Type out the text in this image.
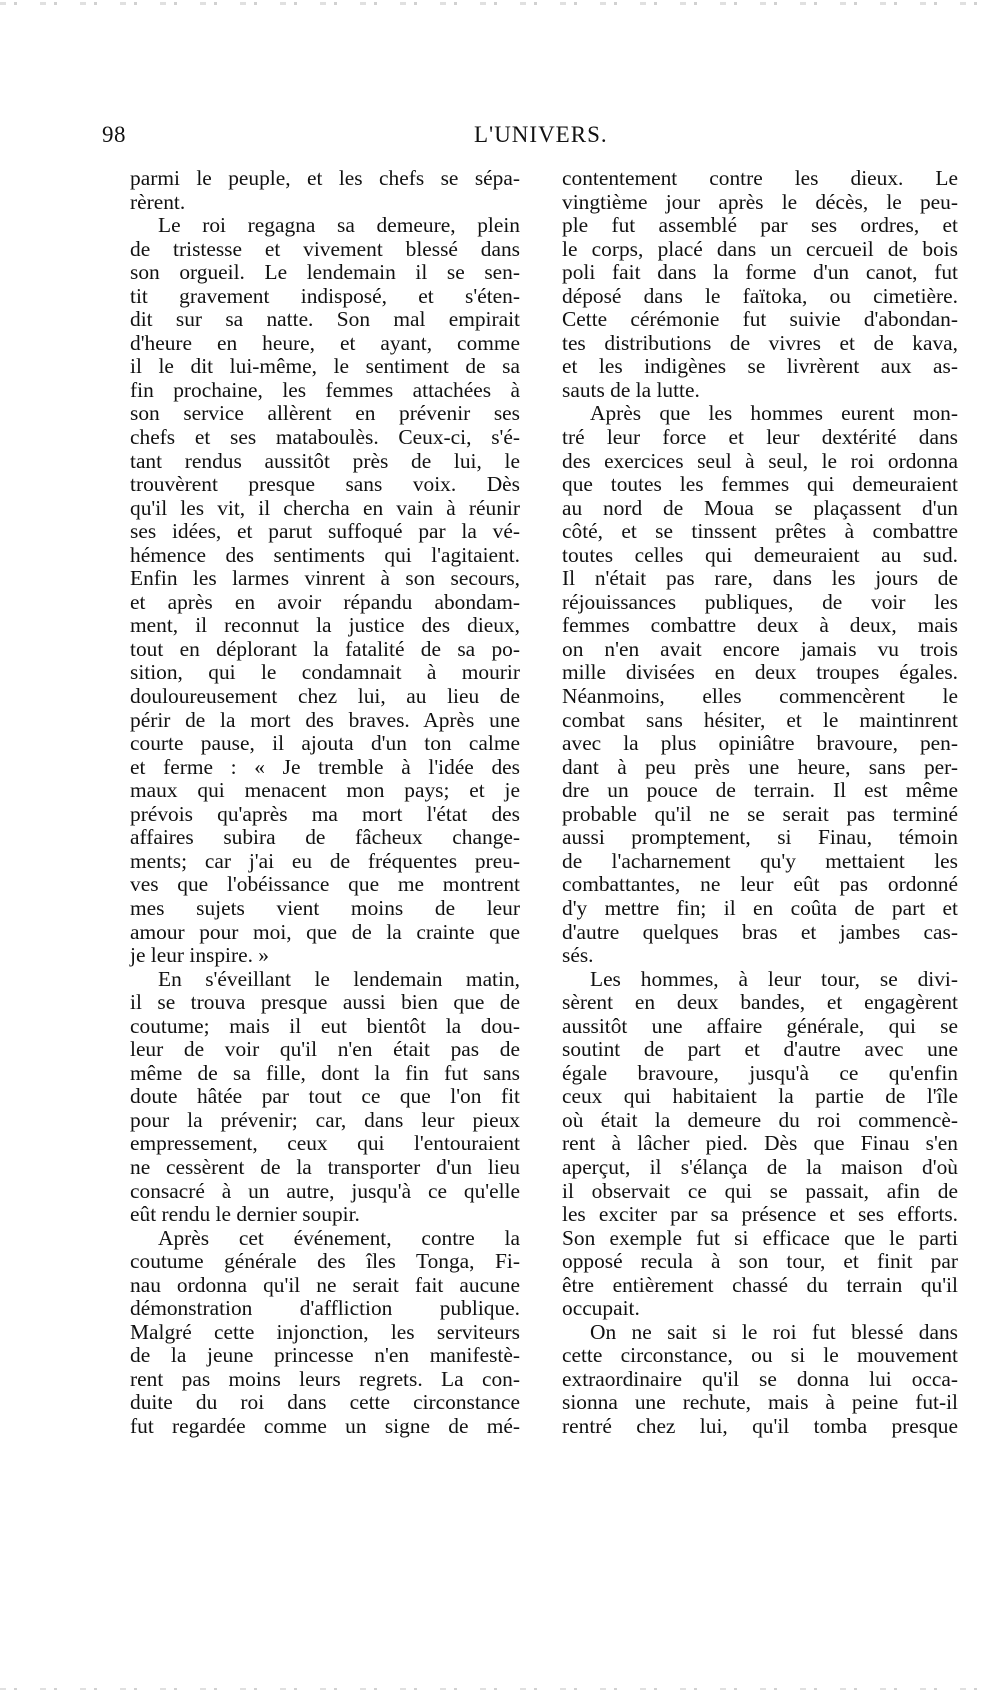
98	L'UNIVERS.
parmi le peuple, et les chefs se sépa-
rèrent.
Le roi regagna sa demeure, plein
de tristesse et vivement blessé dans
son orgueil. Le lendemain il se sen-
tit gravement indisposé, et s'éten-
dit sur sa natte. Son mal empirait
d'heure en heure, et ayant, comme
il le dit lui-même, le sentiment de sa
fin prochaine, les femmes attachées à
son service allèrent en prévenir ses
chefs et ses mataboulès. Ceux-ci, s'é-
tant rendus aussitôt près de lui, le
trouvèrent presque sans voix. Dès
qu'il les vit, il chercha en vain à réunir
ses idées, et parut suffoqué par la vé-
hémence des sentiments qui l'agitaient.
Enfin les larmes vinrent à son secours,
et après en avoir répandu abondam-
ment, il reconnut la justice des dieux,
tout en déplorant la fatalité de sa po-
sition, qui le condamnait à mourir
douloureusement chez lui, au lieu de
périr de la mort des braves. Après une
courte pause, il ajouta d'un ton calme
et ferme : « Je tremble à l'idée des
maux qui menacent mon pays; et je
prévois qu'après ma mort l'état des
affaires subira de fâcheux change-
ments; car j'ai eu de fréquentes preu-
ves que l'obéissance que me montrent
mes sujets vient moins de leur
amour pour moi, que de la crainte que
je leur inspire. »
En s'éveillant le lendemain matin,
il se trouva presque aussi bien que de
coutume; mais il eut bientôt la dou-
leur de voir qu'il n'en était pas de
même de sa fille, dont la fin fut sans
doute hâtée par tout ce que l'on fit
pour la prévenir; car, dans leur pieux
empressement, ceux qui l'entouraient
ne cessèrent de la transporter d'un lieu
consacré à un autre, jusqu'à ce qu'elle
eût rendu le dernier soupir.
Après cet événement, contre la
coutume générale des îles Tonga, Fi-
nau ordonna qu'il ne serait fait aucune
démonstration d'affliction publique.
Malgré cette injonction, les serviteurs
de la jeune princesse n'en manifestè-
rent pas moins leurs regrets. La con-
duite du roi dans cette circonstance
fut regardée comme un signe de mé-
contentement contre les dieux. Le
vingtième jour après le décès, le peu-
ple fut assemblé par ses ordres, et
le corps, placé dans un cercueil de bois
poli fait dans la forme d'un canot, fut
déposé dans le faïtoka, ou cimetière.
Cette cérémonie fut suivie d'abondan-
tes distributions de vivres et de kava,
et les indigènes se livrèrent aux as-
sauts de la lutte.
Après que les hommes eurent mon-
tré leur force et leur dextérité dans
des exercices seul à seul, le roi ordonna
que toutes les femmes qui demeuraient
au nord de Moua se plaçassent d'un
côté, et se tinssent prêtes à combattre
toutes celles qui demeuraient au sud.
Il n'était pas rare, dans les jours de
réjouissances publiques, de voir les
femmes combattre deux à deux, mais
on n'en avait encore jamais vu trois
mille divisées en deux troupes égales.
Néanmoins, elles commencèrent le
combat sans hésiter, et le maintinrent
avec la plus opiniâtre bravoure, pen-
dant à peu près une heure, sans per-
dre un pouce de terrain. Il est même
probable qu'il ne se serait pas terminé
aussi promptement, si Finau, témoin
de l'acharnement qu'y mettaient les
combattantes, ne leur eût pas ordonné
d'y mettre fin; il en coûta de part et
d'autre quelques bras et jambes cas-
sés.
Les hommes, à leur tour, se divi-
sèrent en deux bandes, et engagèrent
aussitôt une affaire générale, qui se
soutint de part et d'autre avec une
égale bravoure, jusqu'à ce qu'enfin
ceux qui habitaient la partie de l'île
où était la demeure du roi commencè-
rent à lâcher pied. Dès que Finau s'en
aperçut, il s'élança de la maison d'où
il observait ce qui se passait, afin de
les exciter par sa présence et ses efforts.
Son exemple fut si efficace que le parti
opposé recula à son tour, et finit par
être entièrement chassé du terrain qu'il
occupait.
On ne sait si le roi fut blessé dans
cette circonstance, ou si le mouvement
extraordinaire qu'il se donna lui occa-
sionna une rechute, mais à peine fut-il
rentré chez lui, qu'il tomba presque
